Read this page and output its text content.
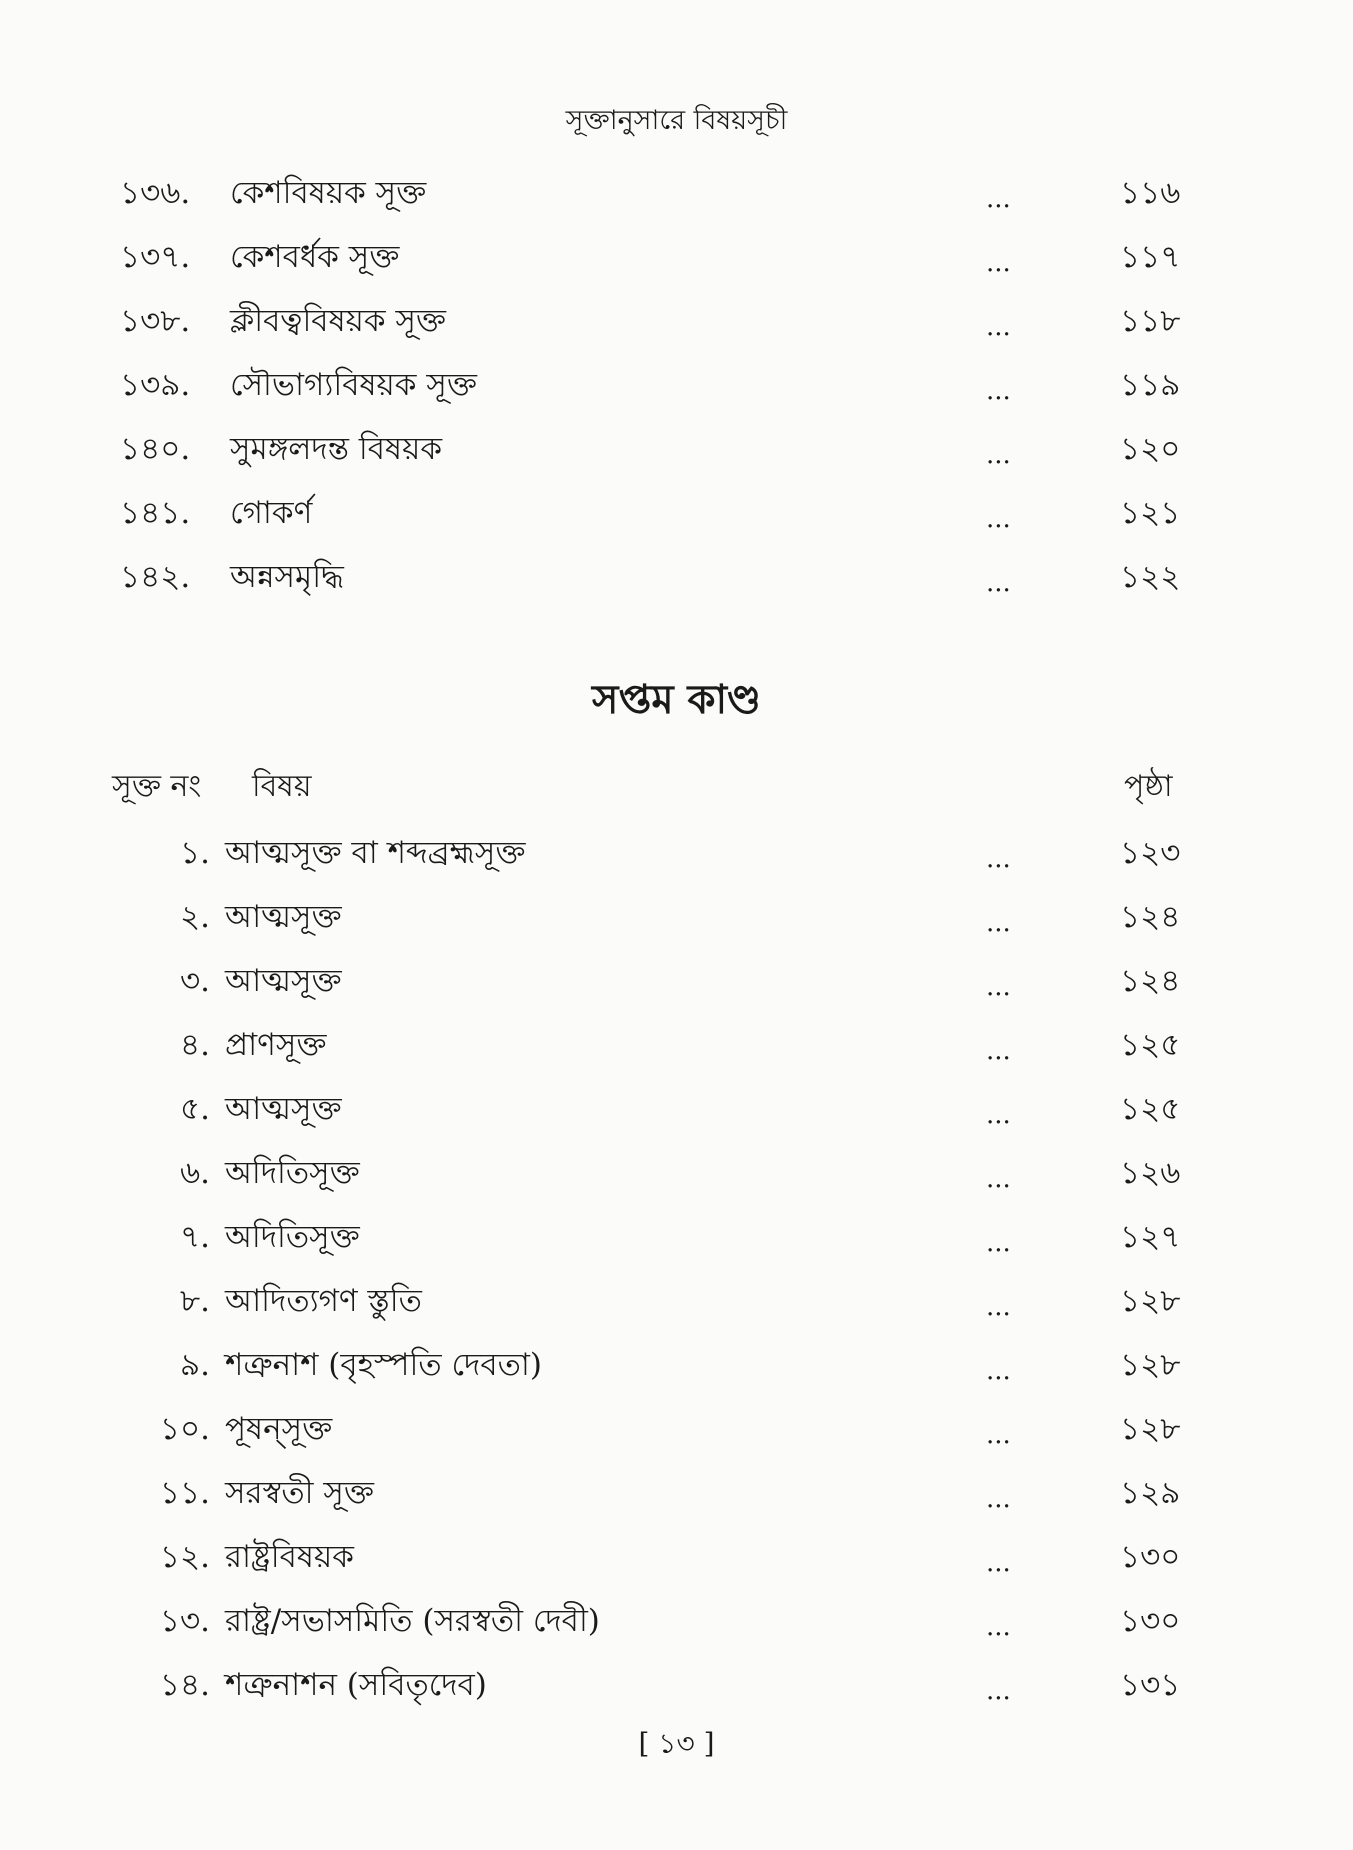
সূক্তানুসারে বিষয়সূচী
১৩৬.	কেশবিষয়ক সূক্ত	...	১১৬
১৩৭.	কেশবর্ধক সূক্ত	...	১১৭
১৩৮.	ক্লীবত্ববিষয়ক সূক্ত	...	১১৮
১৩৯.	সৌভাগ্যবিষয়ক সূক্ত	...	১১৯
১৪০.	সুমঙ্গলদন্ত বিষয়ক	...	১২০
১৪১.	গোকর্ণ	...	১২১
১৪২.	অন্নসমৃদ্ধি	...	১২২
সপ্তম কাণ্ড
সূক্ত নং বিষয়	পৃষ্ঠা
১. আত্মসূক্ত বা শব্দব্রহ্মসূক্ত	...	১২৩
২. আত্মসূক্ত	...	১২৪
৩. আত্মসূক্ত	...	১২৪
৪. প্রাণসূক্ত	...	১২৫
৫. আত্মসূক্ত	...	১২৫
৬. অদিতিসূক্ত	...	১২৬
৭. অদিতিসূক্ত	...	১২৭
৮. আদিত্যগণ স্তুতি	...	১২৮
৯. শত্রুনাশ (বৃহস্পতি দেবতা)	...	১২৮
১০. পূষন্‌সূক্ত	...	১২৮
১১. সরস্বতী সূক্ত	...	১২৯
১২. রাষ্ট্রবিষয়ক	...	১৩০
১৩. রাষ্ট্র/সভাসমিতি (সরস্বতী দেবী)	...	১৩০
১৪. শত্রুনাশন (সবিতৃদেব)	...	১৩১
[ ১৩ ]
